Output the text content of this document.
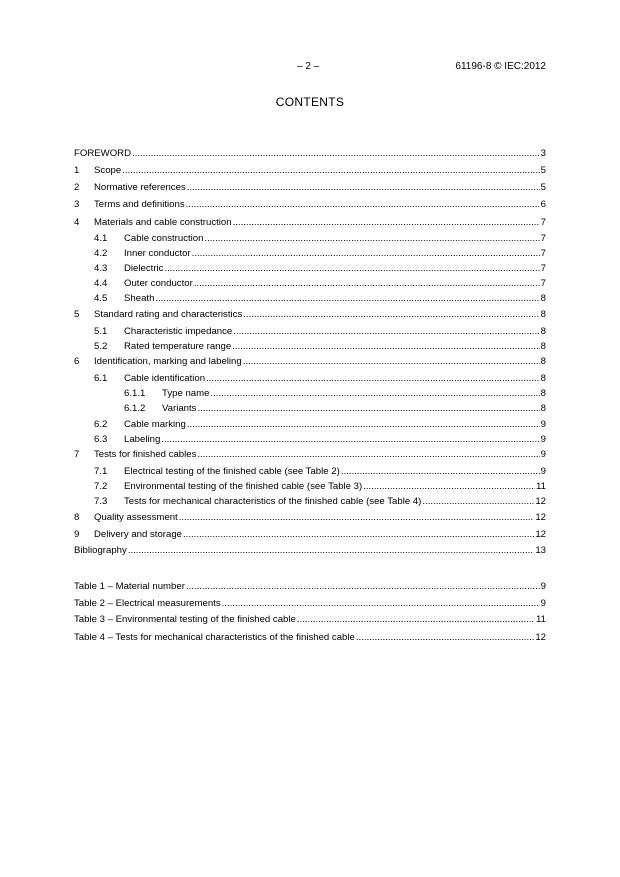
– 2 –	61196-8 © IEC:2012
CONTENTS
FOREWORD .....	3
1 Scope .....	5
2 Normative references .....	5
3 Terms and definitions .....	6
4 Materials and cable construction .....	7
4.1 Cable construction .....	7
4.2 Inner conductor .....	7
4.3 Dielectric .....	7
4.4 Outer conductor .....	7
4.5 Sheath .....	8
5 Standard rating and characteristics .....	8
5.1 Characteristic impedance .....	8
5.2 Rated temperature range .....	8
6 Identification, marking and labeling .....	8
6.1 Cable identification .....	8
6.1.1 Type name .....	8
6.1.2 Variants .....	8
6.2 Cable marking .....	9
6.3 Labeling .....	9
7 Tests for finished cables .....	9
7.1 Electrical testing of the finished cable (see Table 2) .....	9
7.2 Environmental testing of the finished cable (see Table 3) .....	11
7.3 Tests for mechanical characteristics of the finished cable (see Table 4) .....	12
8 Quality assessment .....	12
9 Delivery and storage .....	12
Bibliography .....	13
Table 1 – Material number .....	9
Table 2 – Electrical measurements .....	9
Table 3 – Environmental testing of the finished cable .....	11
Table 4 – Tests for mechanical characteristics of the finished cable .....	12
